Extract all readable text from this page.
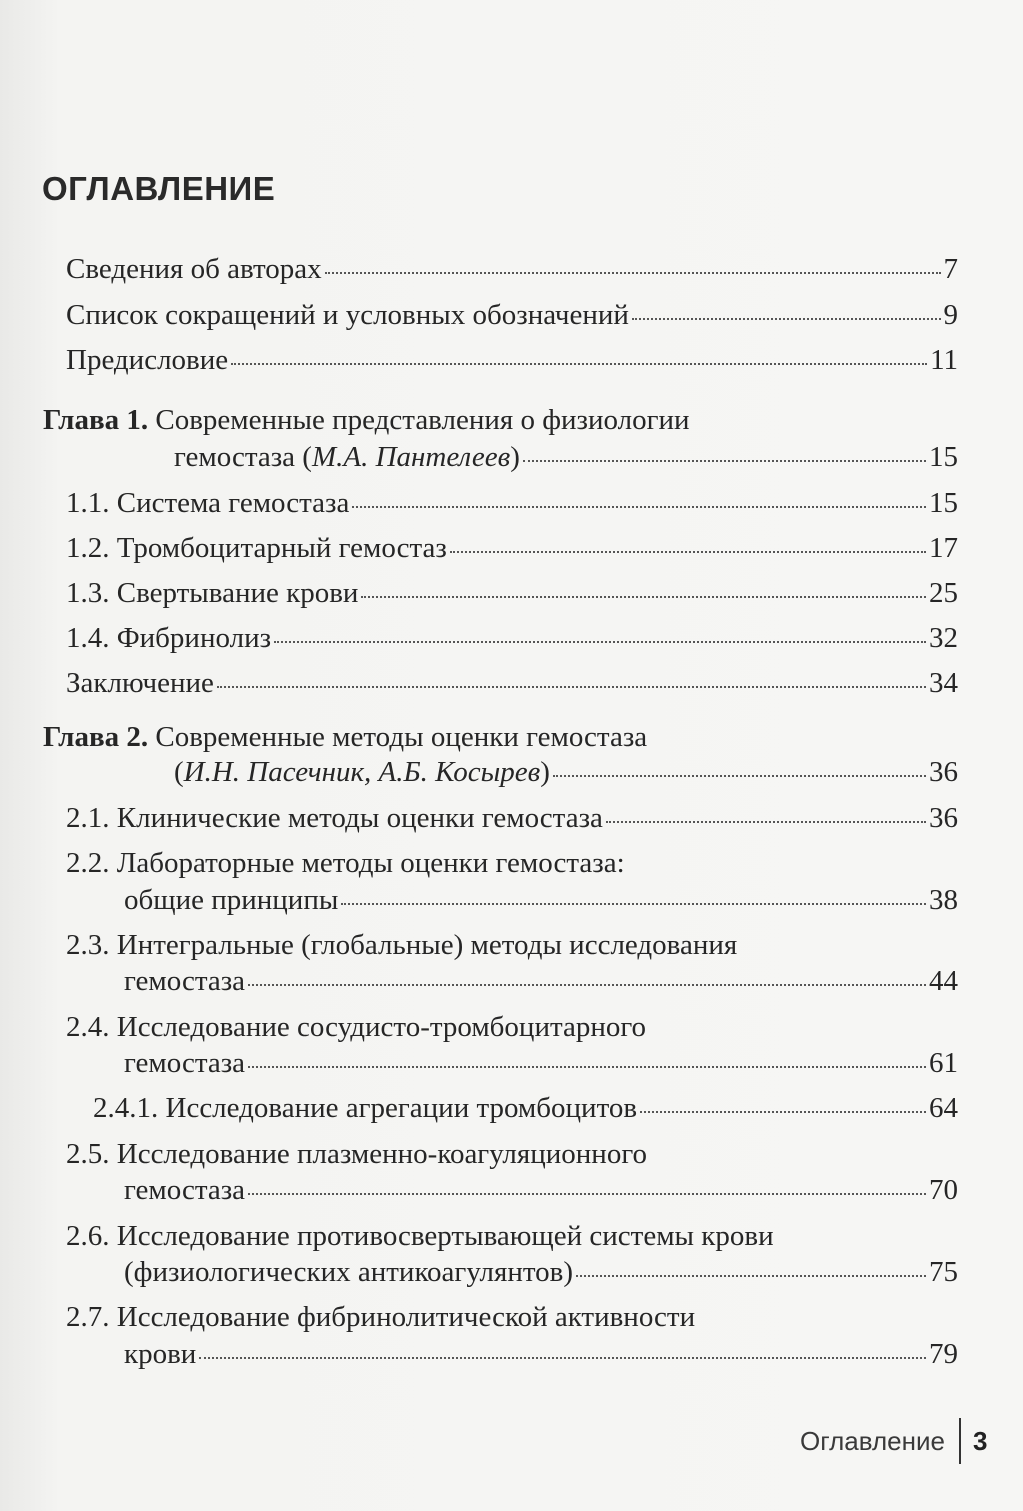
ОГЛАВЛЕНИЕ
Сведения об авторах	7
Список сокращений и условных обозначений	9
Предисловие	11
Глава 1. Современные представления о физиологии
гемостаза (М.А. Пантелеев)	15
1.1. Система гемостаза	15
1.2. Тромбоцитарный гемостаз	17
1.3. Свертывание крови	25
1.4. Фибринолиз	32
Заключение	34
Глава 2. Современные методы оценки гемостаза
(И.Н. Пасечник, А.Б. Косырев)	36
2.1. Клинические методы оценки гемостаза	36
2.2. Лабораторные методы оценки гемостаза:
общие принципы	38
2.3. Интегральные (глобальные) методы исследования
гемостаза	44
2.4. Исследование сосудисто-тромбоцитарного
гемостаза	61
2.4.1. Исследование агрегации тромбоцитов	64
2.5. Исследование плазменно-коагуляционного
гемостаза	70
2.6. Исследование противосвертывающей системы крови
(физиологических антикоагулянтов)	75
2.7. Исследование фибринолитической активности
крови	79
Оглавление 3
